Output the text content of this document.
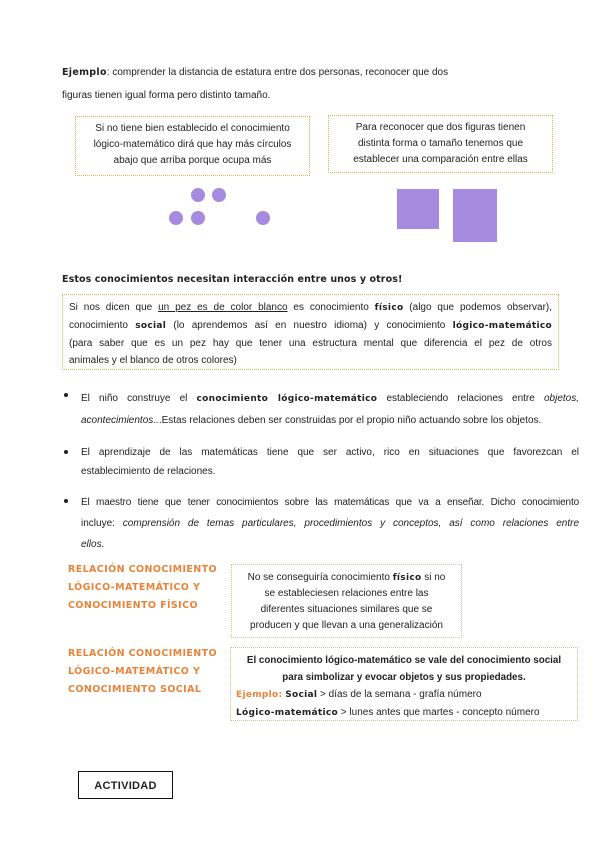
Ejemplo: comprender la distancia de estatura entre dos personas, reconocer que dos
figuras tienen igual forma pero distinto tamaño.
Si no tiene bien establecido el conocimiento
lógico-matemático dirá que hay más círculos
abajo que arriba porque ocupa más
Para reconocer que dos figuras tienen
distinta forma o tamaño tenemos que
establecer una comparación entre ellas
Estos conocimientos necesitan interacción entre unos y otros!
Si nos dicen que un pez es de color blanco es conocimiento físico (algo que podemos observar),
conocimiento social (lo aprendemos así en nuestro idioma) y conocimiento lógico-matemático
(para saber que es un pez hay que tener una estructura mental que diferencia el pez de otros
animales y el blanco de otros colores)
El niño construye el conocimiento lógico-matemático estableciendo relaciones entre objetos,
acontecimientos...Estas relaciones deben ser construidas por el propio niño actuando sobre los objetos.
El aprendizaje de las matemáticas tiene que ser activo, rico en situaciones que favorezcan el
establecimiento de relaciones.
El maestro tiene que tener conocimientos sobre las matemáticas que va a enseñar. Dicho conocimiento
incluye: comprensión de temas particulares, procedimientos y conceptos, así como relaciones entre
ellos.
RELACIÓN CONOCIMIENTO
LÓGICO-MATEMÁTICO Y
CONOCIMIENTO FÍSICO
No se conseguiría conocimiento físico si no
se estableciesen relaciones entre las
diferentes situaciones similares que se
producen y que llevan a una generalización
RELACIÓN CONOCIMIENTO
LÓGICO-MATEMÁTICO Y
CONOCIMIENTO SOCIAL
El conocimiento lógico-matemático se vale del conocimiento social
para simbolizar y evocar objetos y sus propiedades.
Ejemplo: Social > días de la semana - grafía número
Lógico-matemático > lunes antes que martes - concepto número
ACTIVIDAD
